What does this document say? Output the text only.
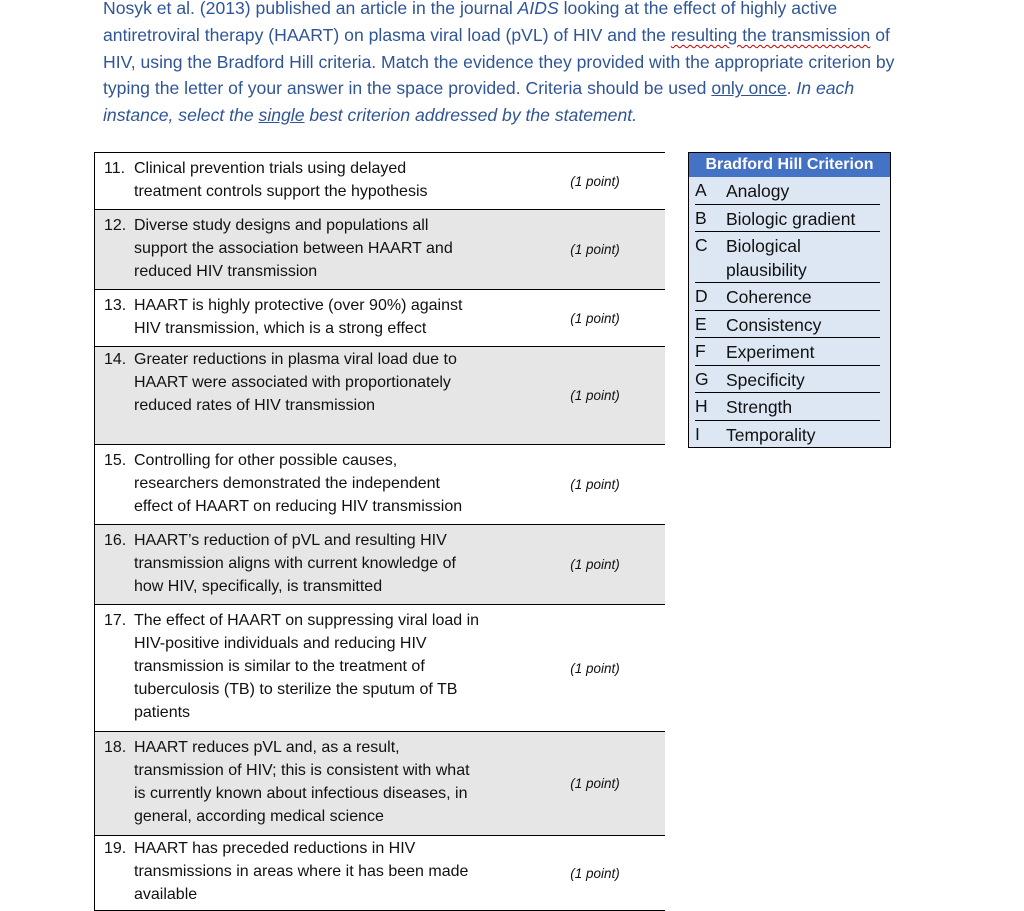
Nosyk et al. (2013) published an article in the journal AIDS looking at the effect of highly active antiretroviral therapy (HAART) on plasma viral load (pVL) of HIV and the resulting the transmission of HIV, using the Bradford Hill criteria. Match the evidence they provided with the appropriate criterion by typing the letter of your answer in the space provided. Criteria should be used only once. In each instance, select the single best criterion addressed by the statement.

11. Clinical prevention trials using delayed
treatment controls support the hypothesis	(1 point)

12. Diverse study designs and populations all
support the association between HAART and
reduced HIV transmission	(1 point)

13. HAART is highly protective (over 90%) against
HIV transmission, which is a strong effect	(1 point)

14. Greater reductions in plasma viral load due to
HAART were associated with proportionately
reduced rates of HIV transmission	(1 point)

15. Controlling for other possible causes,
researchers demonstrated the independent
effect of HAART on reducing HIV transmission	(1 point)

16. HAART’s reduction of pVL and resulting HIV
transmission aligns with current knowledge of
how HIV, specifically, is transmitted	(1 point)

17. The effect of HAART on suppressing viral load in
HIV-positive individuals and reducing HIV
transmission is similar to the treatment of
tuberculosis (TB) to sterilize the sputum of TB
patients	(1 point)

18. HAART reduces pVL and, as a result,
transmission of HIV; this is consistent with what
is currently known about infectious diseases, in
general, according medical science	(1 point)

19. HAART has preceded reductions in HIV
transmissions in areas where it has been made
available	(1 point)
Bradford Hill Criterion
A	Analogy
B	Biologic gradient
C	Biological plausibility
D	Coherence
E	Consistency
F	Experiment
G Specificity
H	Strength
I	Temporality
